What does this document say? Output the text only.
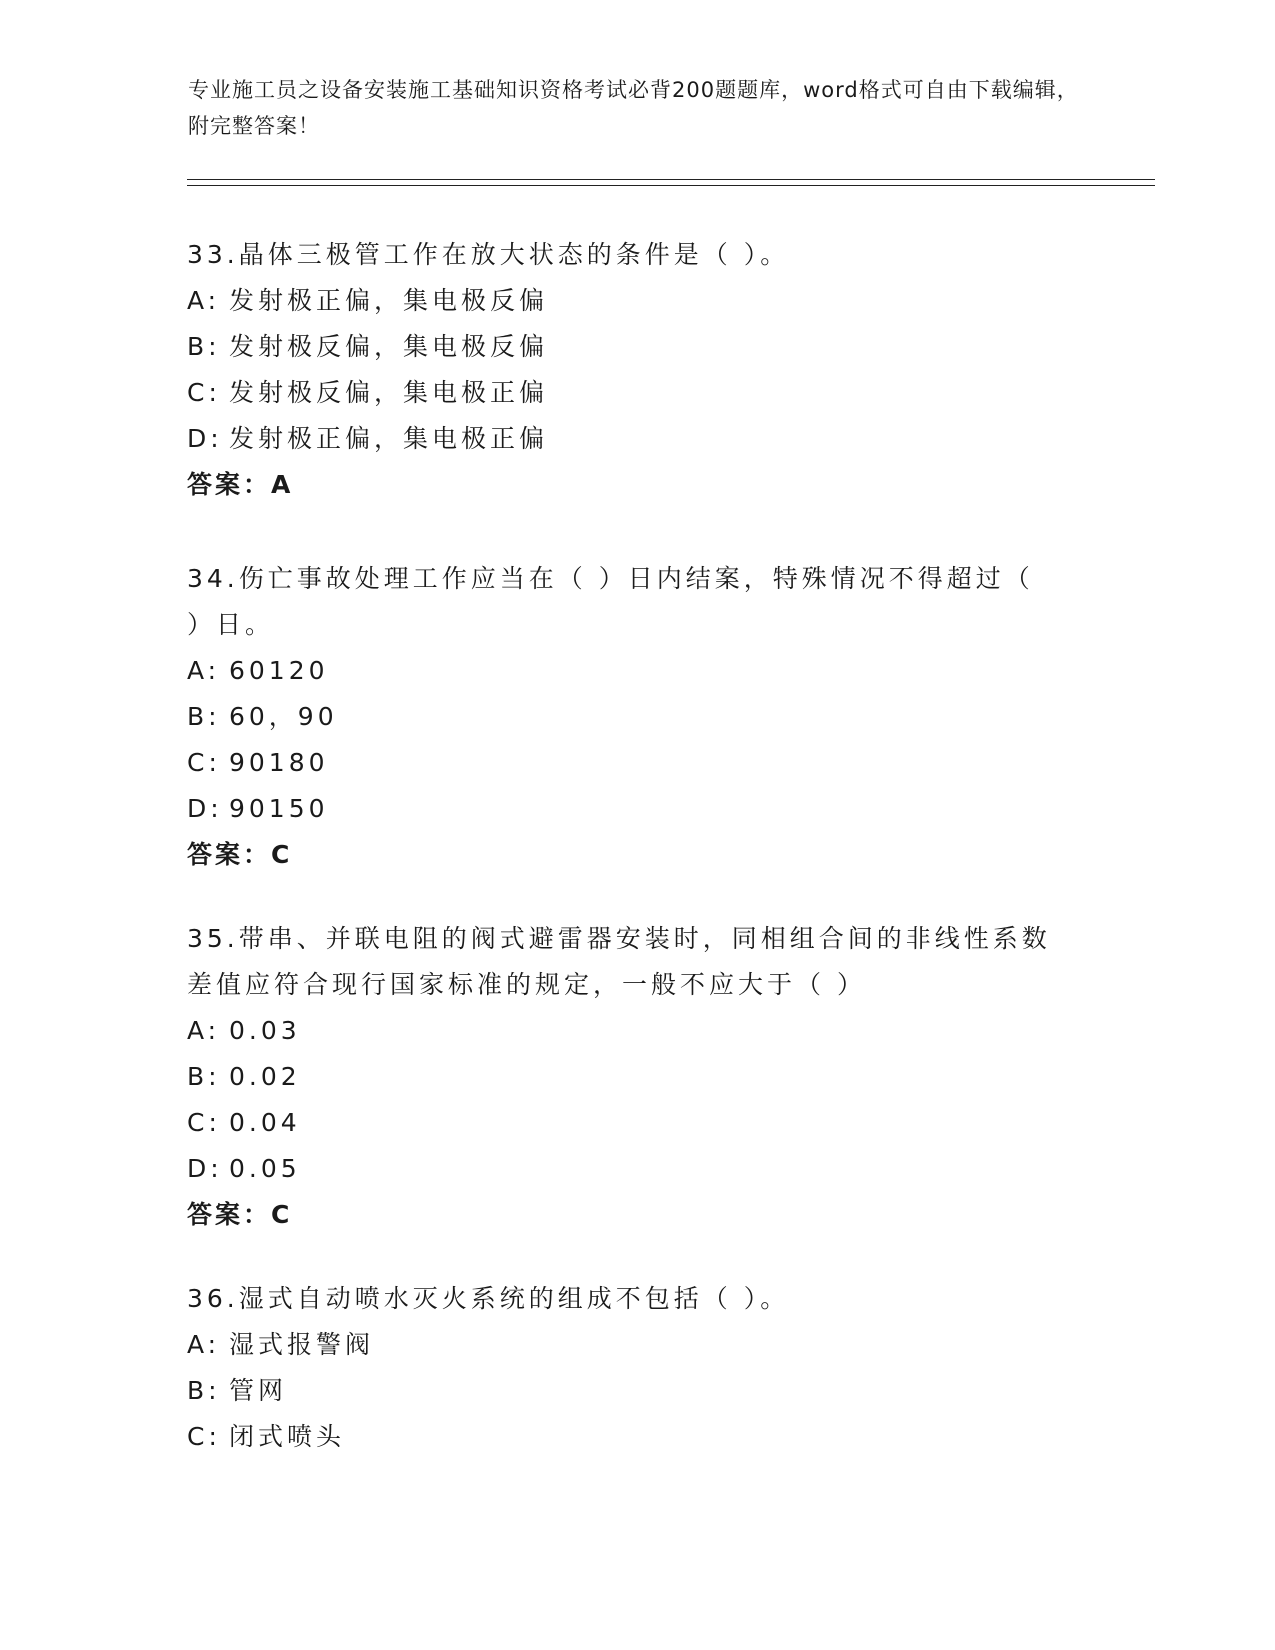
专业施工员之设备安装施工基础知识资格考试必背200题题库，word格式可自由下载编辑，附完整答案！
33.晶体三极管工作在放大状态的条件是（ ）。
A: 发射极正偏，集电极反偏
B: 发射极反偏，集电极反偏
C: 发射极反偏，集电极正偏
D: 发射极正偏，集电极正偏
答案：A
34.伤亡事故处理工作应当在（ ）日内结案，特殊情况不得超过（ ）日。
A: 60120
B: 60，90
C: 90180
D: 90150
答案：C
35.带串、并联电阻的阀式避雷器安装时，同相组合间的非线性系数差值应符合现行国家标准的规定，一般不应大于（ ）
A: 0.03
B: 0.02
C: 0.04
D: 0.05
答案：C
36.湿式自动喷水灭火系统的组成不包括（ ）。
A: 湿式报警阀
B: 管网
C: 闭式喷头
